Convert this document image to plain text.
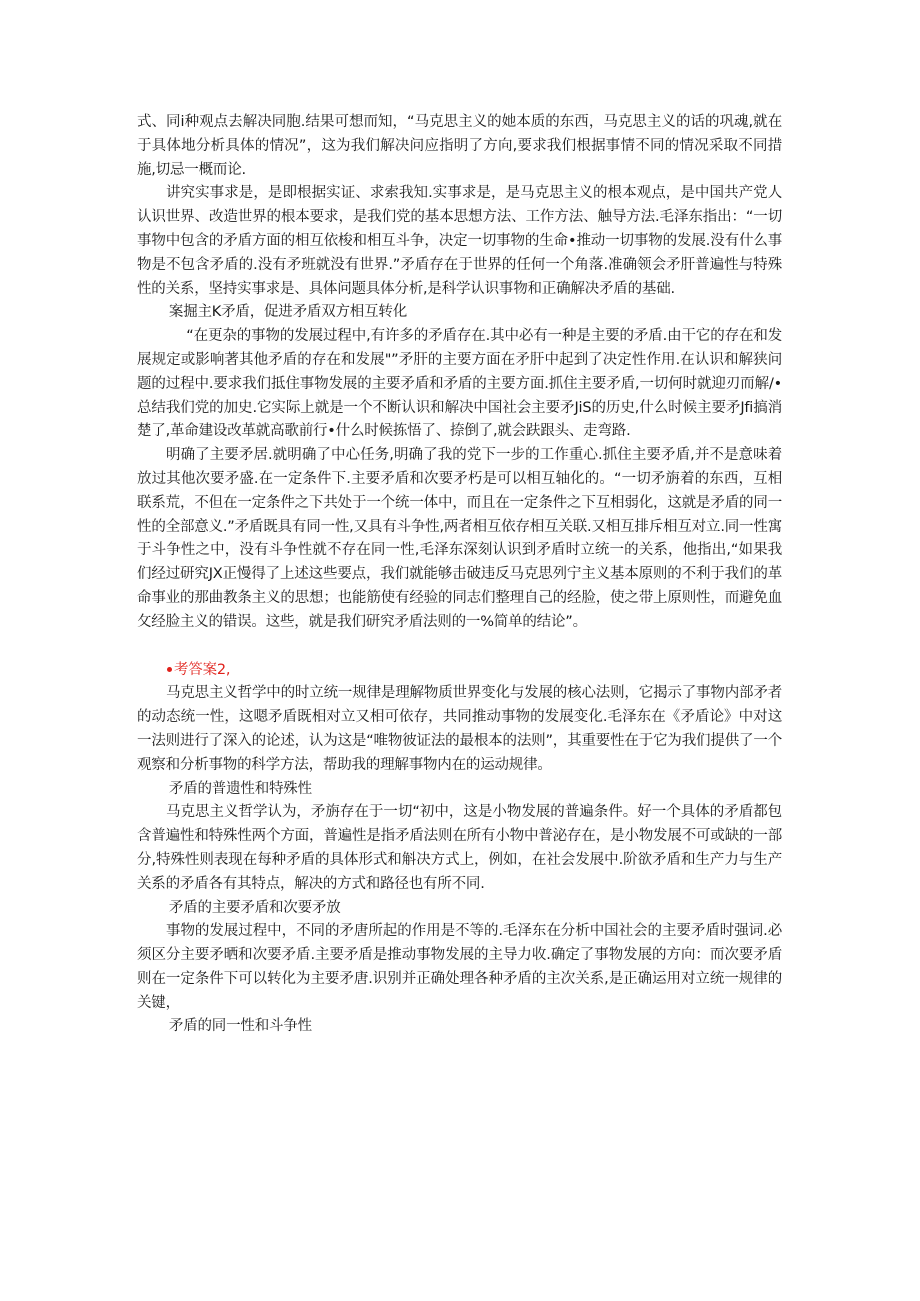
式、同i种观点去解决同胞.结果可想而知，“马克思主义的她本质的东西，马克思主义的话的巩魂,就在于具体地分析具体的情况”，这为我们解决问应指明了方向,要求我们根据事情不同的情况采取不同措施,切忌一概而论.

讲究实事求是，是即根据实证、求索我知.实事求是，是马克思主义的根本观点，是中国共产党人认识世界、改造世界的根本要求，是我们党的基本思想方法、工作方法、触导方法.毛泽东指出：“一切事物中包含的矛盾方面的相互依梭和相互斗争，决定一切事物的生命•推动一切事物的发展.没有什么事物是不包含矛盾的.没有矛班就没有世界.”矛盾存在于世界的任何一个角落.准确领会矛肝普遍性与特殊性的关系，坚持实事求是、具体问题具体分析,是科学认识事物和正确解决矛盾的基础.

案掘主K矛盾，促进矛盾双方相互转化

“在更杂的事物的发展过程中,有许多的矛盾存在.其中必有一种是主要的矛盾.由干它的存在和发展规定或影响著其他矛盾的存在和发展"”矛肝的主要方面在矛肝中起到了决定性作用.在认识和解狭问题的过程中.要求我们抵住事物发展的主要矛盾和矛盾的主要方面.抓住主要矛盾,一切何时就迎刃而解/•总结我们党的加史.它实际上就是一个不断认识和解决中国社会主要矛JiS的历史,什么时候主要矛Jfi搞消楚了,革命建设改革就高歌前行•什么时候拣悟了、捺倒了,就会趺跟头、走弯路.

明确了主要矛居.就明确了中心任务,明确了我的党下一步的工作重心.抓住主要矛盾,并不是意味着放过其他次要矛盛.在一定条件下.主要矛盾和次要矛朽是可以相互轴化的。“一切矛旃着的东西，互相联系荒，不但在一定条件之下共处于一个统一体中，而且在一定条件之下互相弱化，这就是矛盾的同一性的全部意义.”矛盾既具有同一性,又具有斗争性,两者相互依存相互关联.又相互排斥相互对立.同一性寓于斗争性之中，没有斗争性就不存在同一性,毛泽东深刻认识到矛盾时立统一的关系，他指出,“如果我们经过研究JX正慢得了上述这些要点，我们就能够击破违反马克思列宁主义基本原则的不利于我们的革命事业的那曲教条主义的思想；也能筋使有经验的同志们整理自己的经脸，使之带上原则性，而避免血攵经脸主义的错误。这些，就是我们研究矛盾法则的一%简单的结论”。

考答案2,

马克思主义哲学中的时立统一规律是理解物质世界变化与发展的核心法则，它揭示了事物内部矛者的动态统一性，这嗯矛盾既相对立又相可依存，共同推动事物的发展变化.毛泽东在《矛盾论》中对这一法则进行了深入的论述，认为这是“唯物彼证法的最根本的法则”，其重要性在于它为我们提供了一个观察和分析事物的科学方法，帮助我的理解事物内在的运动规律。

矛盾的普遗性和特殊性

马克思主义哲学认为，矛旃存在于一切“初中，这是小物发展的普遍条件。好一个具体的矛盾都包含普遍性和特殊性两个方面，普遍性是指矛盾法则在所有小物中普泌存在，是小物发展不可或缺的一部分,特殊性则表现在每种矛盾的具体形式和斛决方式上，例如，在社会发展中.阶欲矛盾和生产力与生产关系的矛盾各有其特点，解决的方式和路径也有所不同.

矛盾的主要矛盾和次要矛放

事物的发展过程中，不同的矛唐所起的作用是不等的.毛泽东在分析中国社会的主要矛盾时强词.必须区分主要矛晒和次要矛盾.主要矛盾是推动事物发展的主导力收.确定了事物发展的方向：而次要矛盾则在一定条件下可以转化为主要矛唐.识别并正确处理各种矛盾的主次关系,是正确运用对立统一规律的关键，

矛盾的同一性和斗争性
